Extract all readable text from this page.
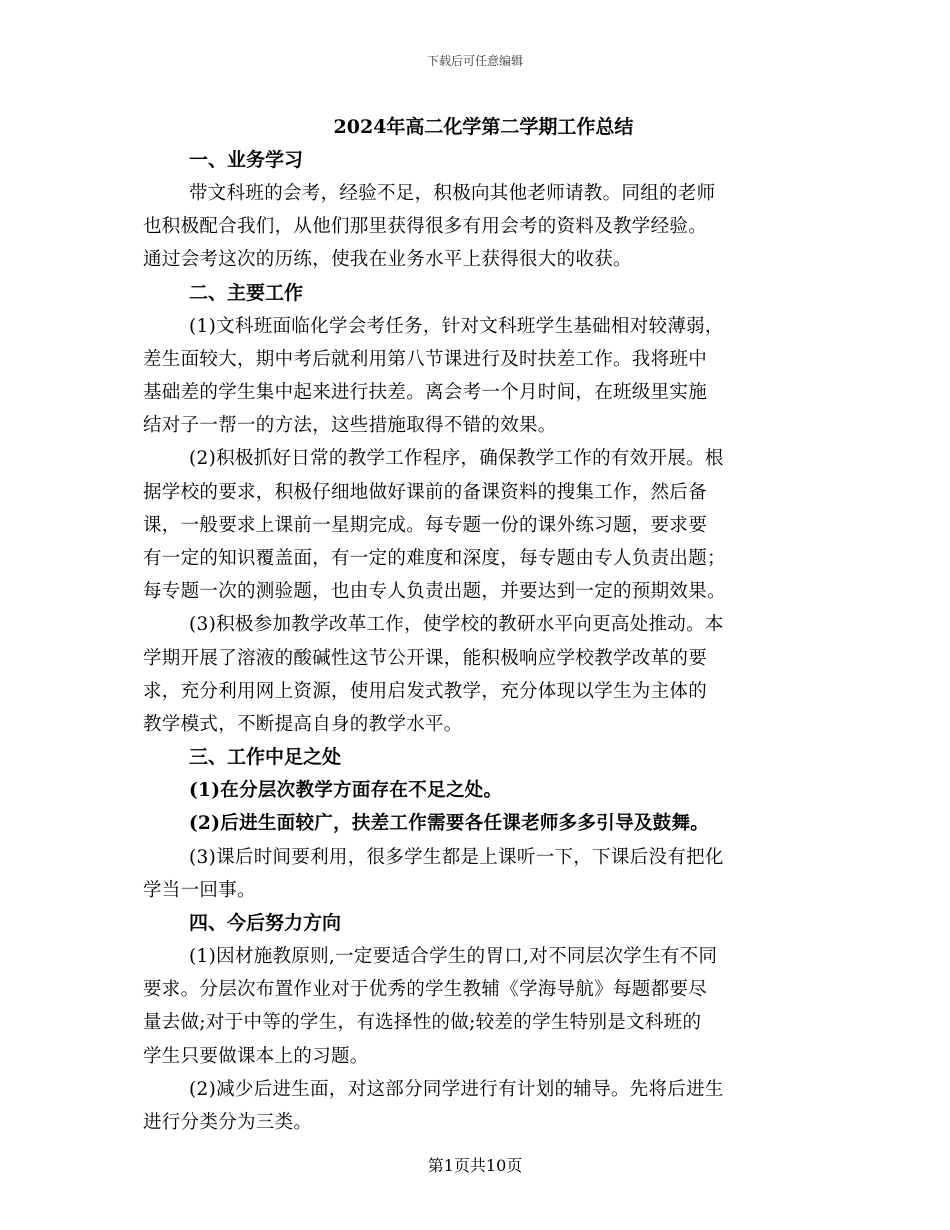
下载后可任意编辑
2024年高二化学第二学期工作总结
一、业务学习
带文科班的会考，经验不足，积极向其他老师请教。同组的老师
也积极配合我们，从他们那里获得很多有用会考的资料及教学经验。
通过会考这次的历练，使我在业务水平上获得很大的收获。
二、主要工作
(1)文科班面临化学会考任务，针对文科班学生基础相对较薄弱，
差生面较大，期中考后就利用第八节课进行及时扶差工作。我将班中
基础差的学生集中起来进行扶差。离会考一个月时间，在班级里实施
结对子一帮一的方法，这些措施取得不错的效果。
(2)积极抓好日常的教学工作程序，确保教学工作的有效开展。根
据学校的要求，积极仔细地做好课前的备课资料的搜集工作，然后备
课，一般要求上课前一星期完成。每专题一份的课外练习题，要求要
有一定的知识覆盖面，有一定的难度和深度，每专题由专人负责出题；
每专题一次的测验题，也由专人负责出题，并要达到一定的预期效果。
(3)积极参加教学改革工作，使学校的教研水平向更高处推动。本
学期开展了溶液的酸碱性这节公开课，能积极响应学校教学改革的要
求，充分利用网上资源，使用启发式教学，充分体现以学生为主体的
教学模式，不断提高自身的教学水平。
三、工作中足之处
(1)在分层次教学方面存在不足之处。
(2)后进生面较广，扶差工作需要各任课老师多多引导及鼓舞。
(3)课后时间要利用，很多学生都是上课听一下，下课后没有把化
学当一回事。
四、今后努力方向
(1)因材施教原则,一定要适合学生的胃口,对不同层次学生有不同
要求。分层次布置作业对于优秀的学生教辅《学海导航》每题都要尽
量去做;对于中等的学生，有选择性的做;较差的学生特别是文科班的
学生只要做课本上的习题。
(2)减少后进生面，对这部分同学进行有计划的辅导。先将后进生
进行分类分为三类。
第1页共10页
